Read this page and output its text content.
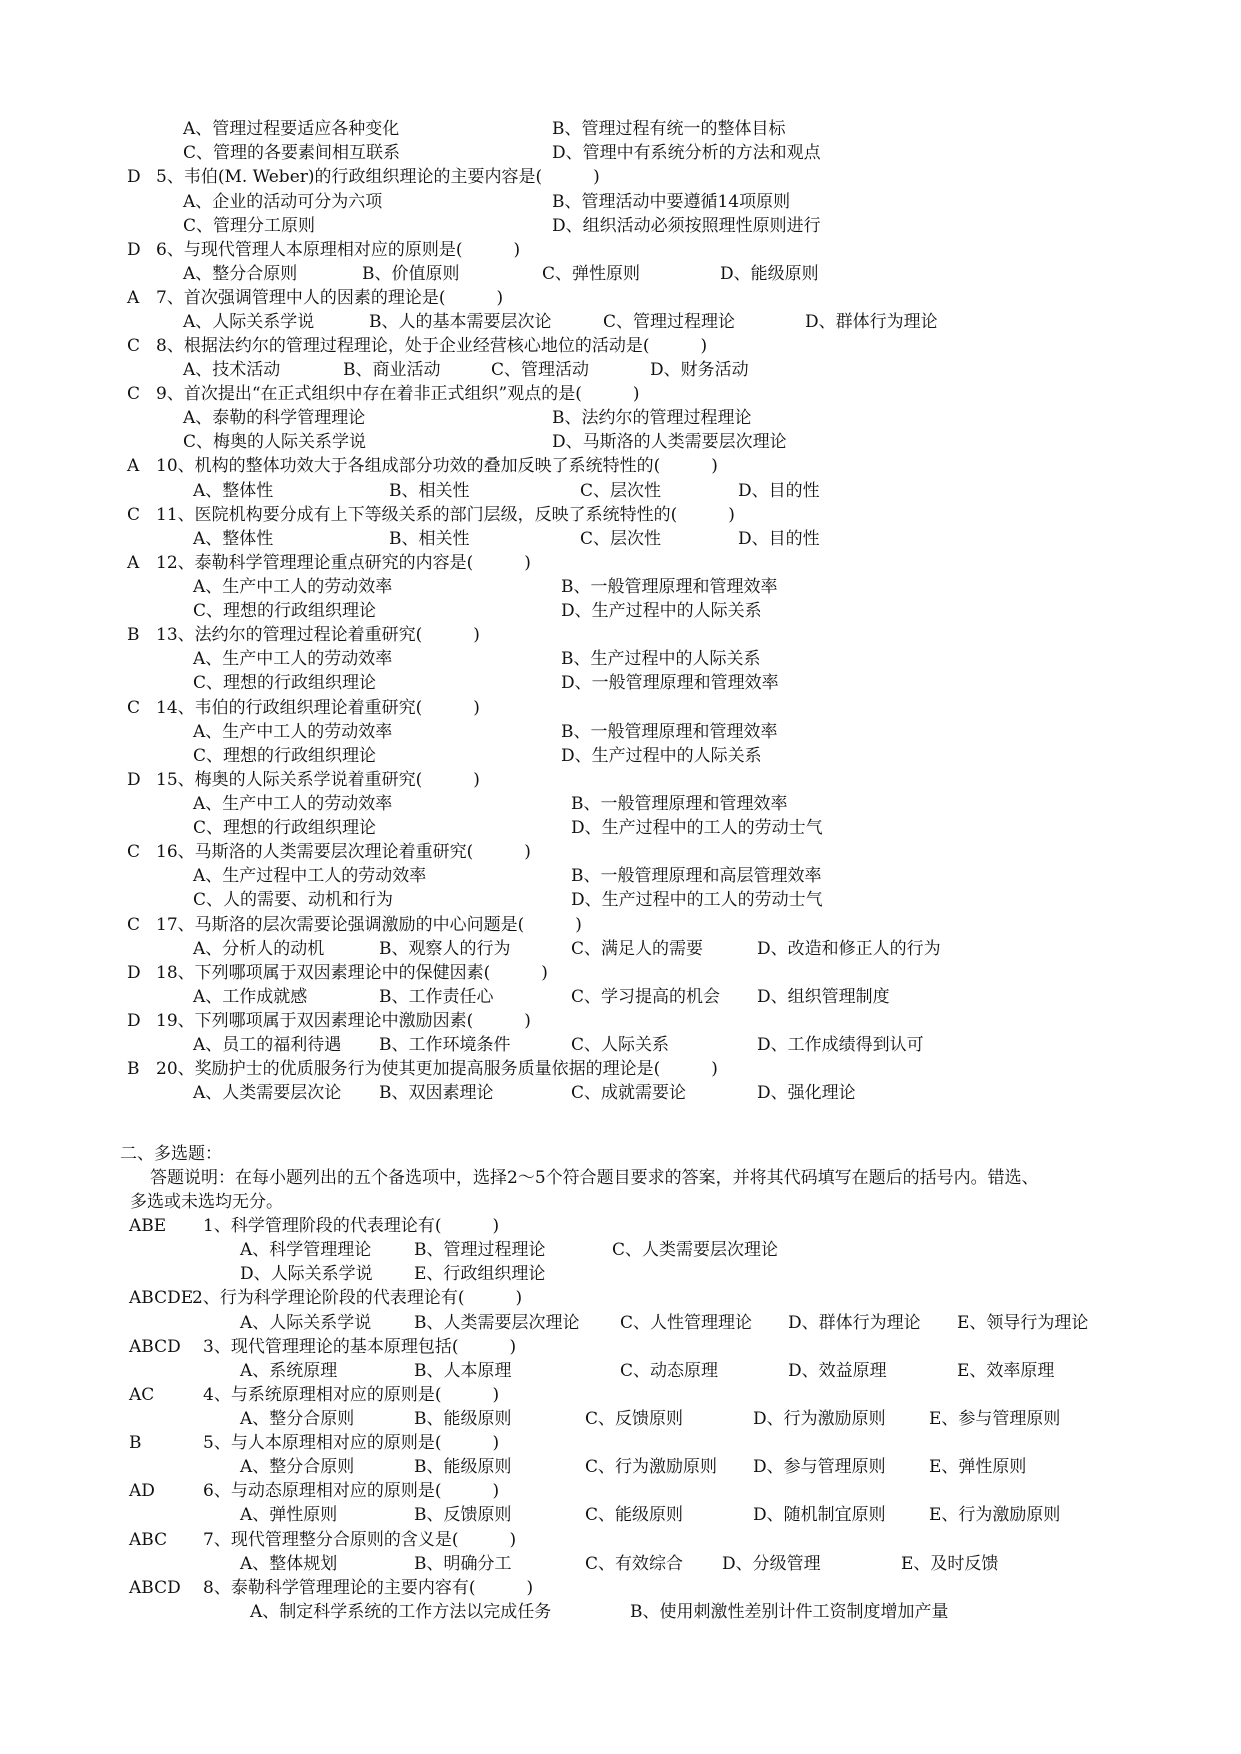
A、管理过程要适应各种变化	B、管理过程有统一的整体目标
C、管理的各要素间相互联系	D、管理中有系统分析的方法和观点
D 5、韦伯(M. Weber)的行政组织理论的主要内容是(　　　)
A、企业的活动可分为六项	B、管理活动中要遵循14项原则
C、管理分工原则	D、组织活动必须按照理性原则进行
D 6、与现代管理人本原理相对应的原则是(　　　)
A、整分合原则	B、价值原则	C、弹性原则	D、能级原则
A 7、首次强调管理中人的因素的理论是(　　　)
A、人际关系学说	B、人的基本需要层次论	C、管理过程理论	D、群体行为理论
C 8、根据法约尔的管理过程理论，处于企业经营核心地位的活动是(　　　)
A、技术活动	B、商业活动	C、管理活动	D、财务活动
C 9、首次提出“在正式组织中存在着非正式组织”观点的是(　　　)
A、泰勒的科学管理理论	B、法约尔的管理过程理论
C、梅奥的人际关系学说	D、马斯洛的人类需要层次理论
A 10、机构的整体功效大于各组成部分功效的叠加反映了系统特性的(　　　)
A、整体性	B、相关性	C、层次性	D、目的性
C 11、医院机构要分成有上下等级关系的部门层级，反映了系统特性的(　　　)
A、整体性	B、相关性	C、层次性	D、目的性
A 12、泰勒科学管理理论重点研究的内容是(　　　)
A、生产中工人的劳动效率	B、一般管理原理和管理效率
C、理想的行政组织理论	D、生产过程中的人际关系
B 13、法约尔的管理过程论着重研究(　　　)
A、生产中工人的劳动效率	B、生产过程中的人际关系
C、理想的行政组织理论	D、一般管理原理和管理效率
C 14、韦伯的行政组织理论着重研究(　　　)
A、生产中工人的劳动效率	B、一般管理原理和管理效率
C、理想的行政组织理论	D、生产过程中的人际关系
D 15、梅奥的人际关系学说着重研究(　　　)
A、生产中工人的劳动效率	B、一般管理原理和管理效率
C、理想的行政组织理论	D、生产过程中的工人的劳动士气
C 16、马斯洛的人类需要层次理论着重研究(　　　)
A、生产过程中工人的劳动效率	B、一般管理原理和高层管理效率
C、人的需要、动机和行为	D、生产过程中的工人的劳动士气
C 17、马斯洛的层次需要论强调激励的中心问题是(　　　)
A、分析人的动机	B、观察人的行为	C、满足人的需要	D、改造和修正人的行为
D 18、下列哪项属于双因素理论中的保健因素(　　　)
A、工作成就感	B、工作责任心	C、学习提高的机会 D、组织管理制度
D 19、下列哪项属于双因素理论中激励因素(　　　)
A、员工的福利待遇 B、工作环境条件	C、人际关系	D、工作成绩得到认可
B 20、奖励护士的优质服务行为使其更加提高服务质量依据的理论是(　　　)
A、人类需要层次论 B、双因素理论	C、成就需要论	D、强化理论
二、多选题：
答题说明：在每小题列出的五个备选项中，选择2～5个符合题目要求的答案，并将其代码填写在题后的括号内。错选、
多选或未选均无分。
ABE 1、科学管理阶段的代表理论有(　　　)
A、科学管理理论	B、管理过程理论	C、人类需要层次理论
D、人际关系学说 E、行政组织理论
ABCDE
2、行为科学理论阶段的代表理论有(　　　)
A、人际关系学说	B、人类需要层次理论 C、人性管理理论 D、群体行为理论 E、领导行为理论
ABCD 3、现代管理理论的基本原理包括(　　　)
A、系统原理	B、人本原理	C、动态原理	D、效益原理	E、效率原理
AC	4、与系统原理相对应的原则是(　　　)
A、整分合原则	B、能级原则	C、反馈原则	D、行为激励原则	E、参与管理原则
B	5、与人本原理相对应的原则是(　　　)
A、整分合原则	B、能级原则	C、行为激励原则 D、参与管理原则	E、弹性原则
AD	6、与动态原理相对应的原则是(　　　)
A、弹性原则	B、反馈原则	C、能级原则	D、随机制宜原则	E、行为激励原则
ABC 7、现代管理整分合原则的含义是(　　　)
A、整体规划	B、明确分工	C、有效综合 D、分级管理	E、及时反馈
ABCD 8、泰勒科学管理理论的主要内容有(　　　)
A、制定科学系统的工作方法以完成任务	B、使用刺激性差别计件工资制度增加产量
